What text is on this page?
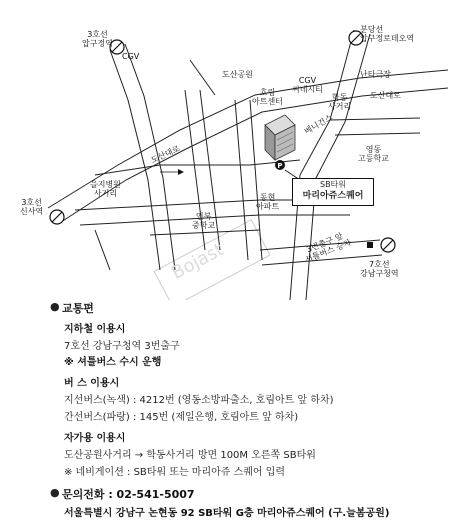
P
3호선
압구정역
분당선
압구정로데오역
CGV
도산공원
CGV
씨네시티
호림
아트센터	학동
사거리
난타극장
도산대로
베니건스
영동
고등학교
도산대로
을지병원
사거리
3호선
신사역
SB타워
마리아쥬스퀘어
동현
아파트
언북
중학교
3번출구 앞
셔틀버스 승차	7호선
강남구청역
Bojast
● 교통편
지하철 이용시
7호선 강남구청역 3번출구
※ 셔틀버스 수시 운행
버 스 이용시
지선버스(녹색) : 4212번 (영동소방파출소, 호림아트 앞 하차)
간선버스(파랑) : 145번 (제일은행, 호림아트 앞 하차)
자가용 이용시
도산공원사거리 → 학동사거리 방면 100M 오른쪽 SB타워
※ 네비게이션 : SB타워 또는 마리아쥬 스퀘어 입력
● 문의전화 : 02-541-5007
서울특별시 강남구 논현동 92 SB타워 G층 마리아쥬스퀘어 (구.늘봄공원)
